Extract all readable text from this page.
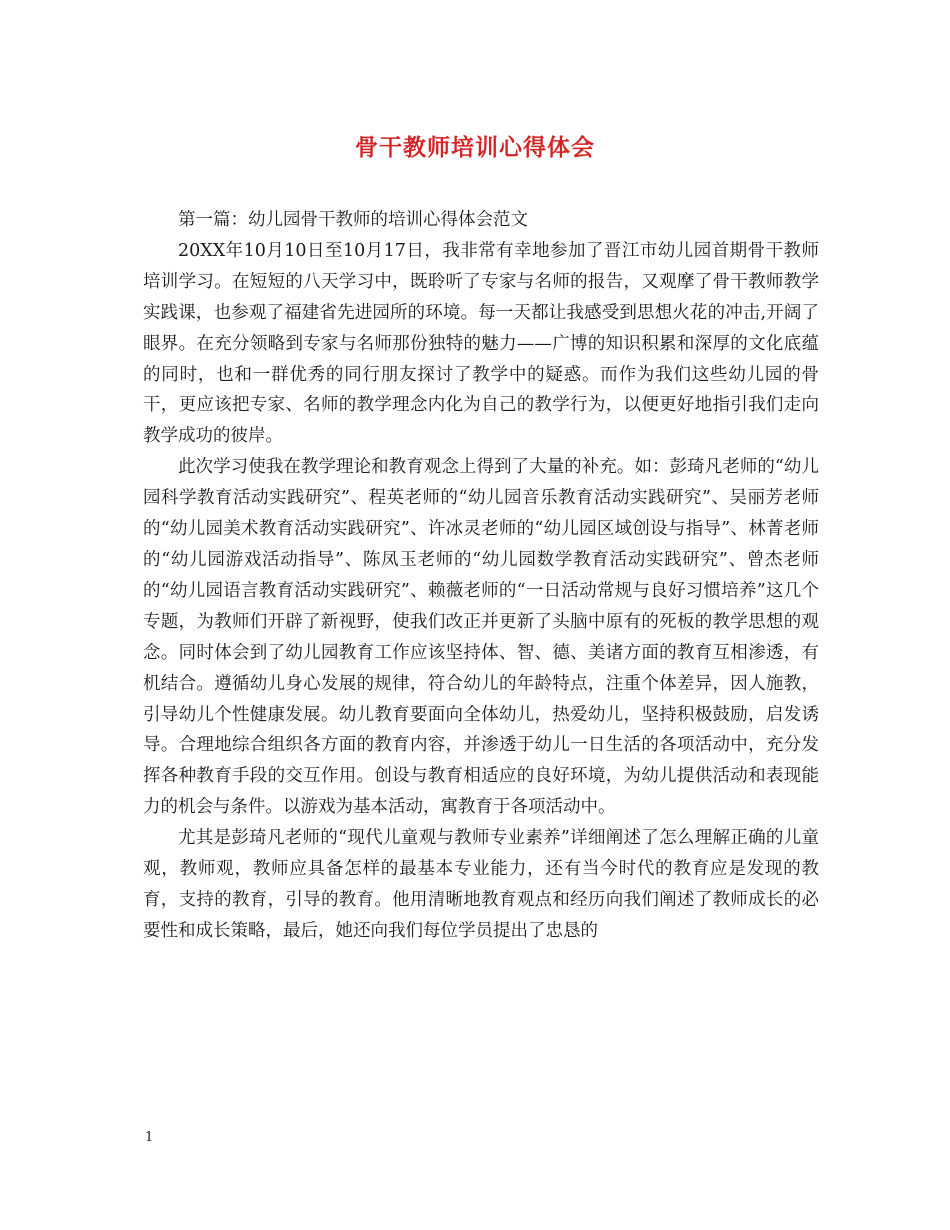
骨干教师培训心得体会

第一篇：幼儿园骨干教师的培训心得体会范文

20XX年10月10日至10月17日，我非常有幸地参加了晋江市幼儿园首期骨干教师培训学习。在短短的八天学习中，既聆听了专家与名师的报告，又观摩了骨干教师教学实践课，也参观了福建省先进园所的环境。每一天都让我感受到思想火花的冲击,开阔了眼界。在充分领略到专家与名师那份独特的魅力——广博的知识积累和深厚的文化底蕴的同时，也和一群优秀的同行朋友探讨了教学中的疑惑。而作为我们这些幼儿园的骨干，更应该把专家、名师的教学理念内化为自己的教学行为，以便更好地指引我们走向教学成功的彼岸。

此次学习使我在教学理论和教育观念上得到了大量的补充。如：彭琦凡老师的“幼儿园科学教育活动实践研究”、程英老师的“幼儿园音乐教育活动实践研究”、吴丽芳老师的“幼儿园美术教育活动实践研究”、许冰灵老师的“幼儿园区域创设与指导”、林菁老师的“幼儿园游戏活动指导”、陈凤玉老师的“幼儿园数学教育活动实践研究”、曾杰老师的“幼儿园语言教育活动实践研究”、赖薇老师的“一日活动常规与良好习惯培养”这几个专题，为教师们开辟了新视野，使我们改正并更新了头脑中原有的死板的教学思想的观念。同时体会到了幼儿园教育工作应该坚持体、智、德、美诸方面的教育互相渗透，有机结合。遵循幼儿身心发展的规律，符合幼儿的年龄特点，注重个体差异，因人施教，引导幼儿个性健康发展。幼儿教育要面向全体幼儿，热爱幼儿，坚持积极鼓励，启发诱导。合理地综合组织各方面的教育内容，并渗透于幼儿一日生活的各项活动中，充分发挥各种教育手段的交互作用。创设与教育相适应的良好环境，为幼儿提供活动和表现能力的机会与条件。以游戏为基本活动，寓教育于各项活动中。

尤其是彭琦凡老师的“现代儿童观与教师专业素养”详细阐述了怎么理解正确的儿童观，教师观，教师应具备怎样的最基本专业能力，还有当今时代的教育应是发现的教育，支持的教育，引导的教育。他用清晰地教育观点和经历向我们阐述了教师成长的必要性和成长策略，最后，她还向我们每位学员提出了忠恳的

1
